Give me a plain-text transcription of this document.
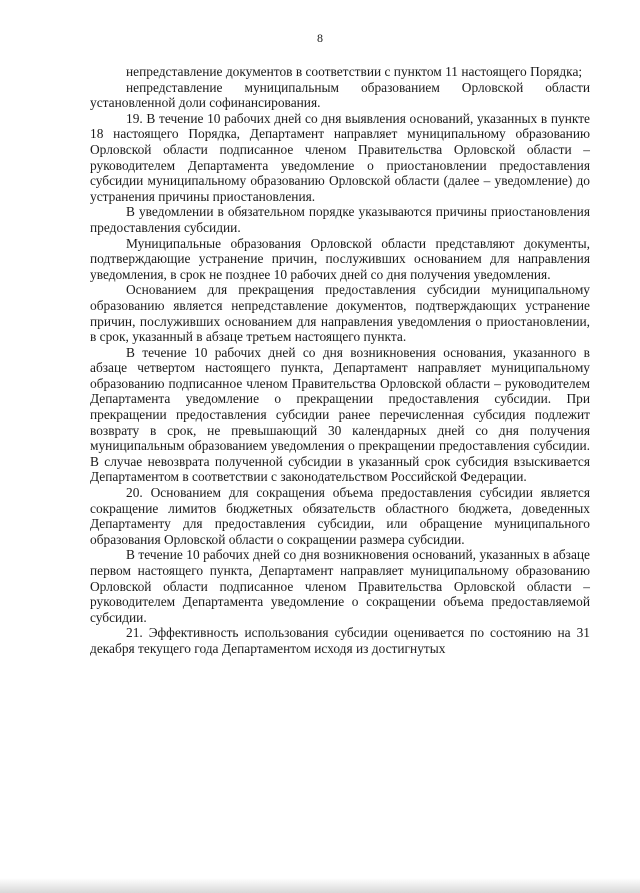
8

непредставление документов в соответствии с пунктом 11 настоящего Порядка;

непредставление муниципальным образованием Орловской области установленной доли софинансирования.

19. В течение 10 рабочих дней со дня выявления оснований, указанных в пункте 18 настоящего Порядка, Департамент направляет муниципальному образованию Орловской области подписанное членом Правительства Орловской области – руководителем Департамента уведомление о приостановлении предоставления субсидии муниципальному образованию Орловской области (далее – уведомление) до устранения причины приостановления.

В уведомлении в обязательном порядке указываются причины приостановления предоставления субсидии.

Муниципальные образования Орловской области представляют документы, подтверждающие устранение причин, послуживших основанием для направления уведомления, в срок не позднее 10 рабочих дней со дня получения уведомления.

Основанием для прекращения предоставления субсидии муниципальному образованию является непредставление документов, подтверждающих устранение причин, послуживших основанием для направления уведомления о приостановлении, в срок, указанный в абзаце третьем настоящего пункта.

В течение 10 рабочих дней со дня возникновения основания, указанного в абзаце четвертом настоящего пункта, Департамент направляет муниципальному образованию подписанное членом Правительства Орловской области – руководителем Департамента уведомление о прекращении предоставления субсидии. При прекращении предоставления субсидии ранее перечисленная субсидия подлежит возврату в срок, не превышающий 30 календарных дней со дня получения муниципальным образованием уведомления о прекращении предоставления субсидии. В случае невозврата полученной субсидии в указанный срок субсидия взыскивается Департаментом в соответствии с законодательством Российской Федерации.

20. Основанием для сокращения объема предоставления субсидии является сокращение лимитов бюджетных обязательств областного бюджета, доведенных Департаменту для предоставления субсидии, или обращение муниципального образования Орловской области о сокращении размера субсидии.

В течение 10 рабочих дней со дня возникновения оснований, указанных в абзаце первом настоящего пункта, Департамент направляет муниципальному образованию Орловской области подписанное членом Правительства Орловской области – руководителем Департамента уведомление о сокращении объема предоставляемой субсидии.

21. Эффективность использования субсидии оценивается по состоянию на 31 декабря текущего года Департаментом исходя из достигнутых
